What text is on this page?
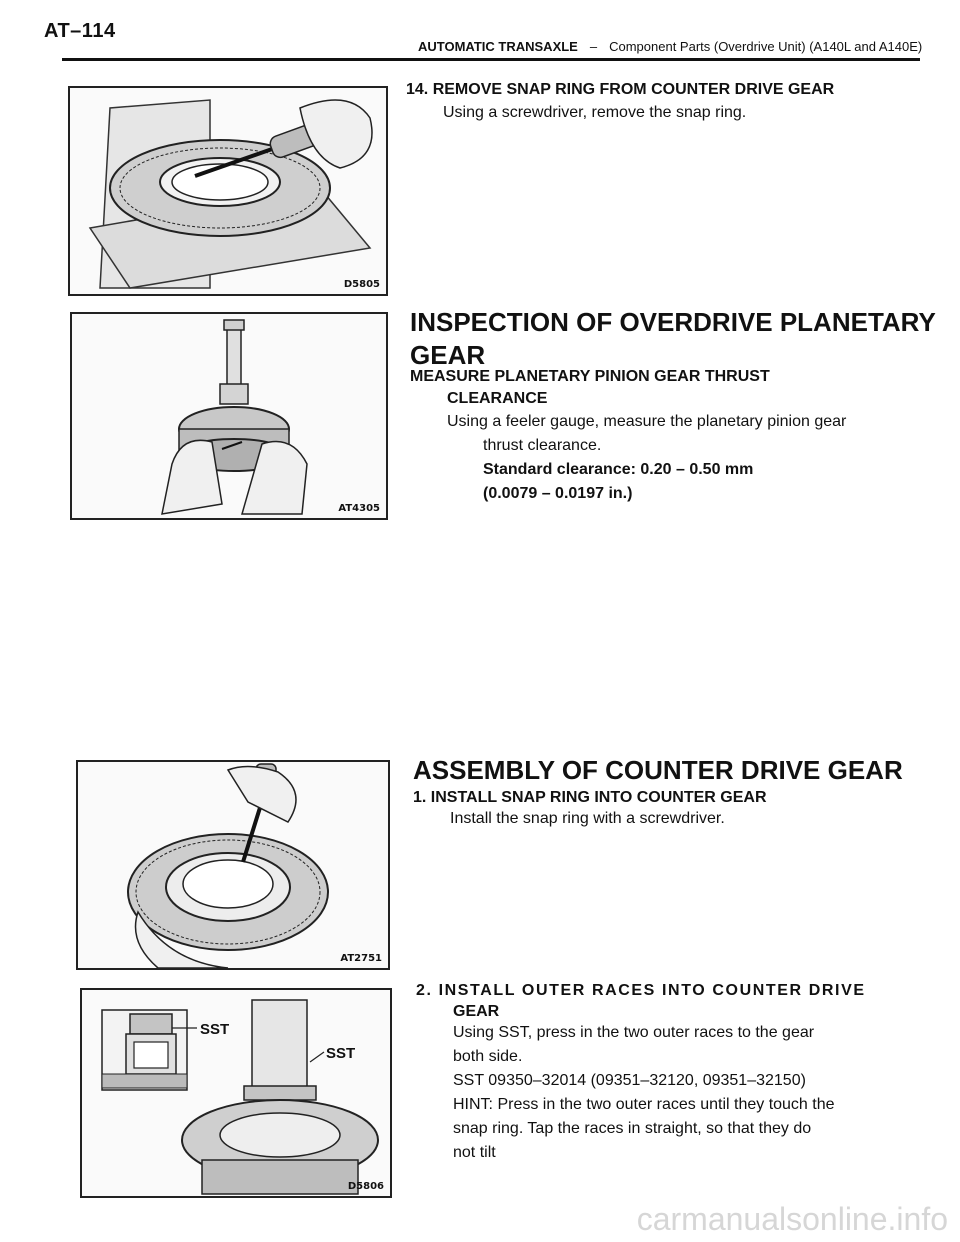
AT–114
AUTOMATIC TRANSAXLE – Component Parts (Overdrive Unit) (A140L and A140E)
D5805
14. REMOVE SNAP RING FROM COUNTER DRIVE GEAR
Using a screwdriver, remove the snap ring.
AT4305
INSPECTION OF OVERDRIVE PLANETARY
GEAR
MEASURE PLANETARY PINION GEAR THRUST
CLEARANCE
Using a feeler gauge, measure the planetary pinion gear
thrust clearance.
Standard clearance: 0.20 – 0.50 mm
(0.0079 – 0.0197 in.)
AT2751
ASSEMBLY OF COUNTER DRIVE GEAR
1. INSTALL SNAP RING INTO COUNTER GEAR
Install the snap ring with a screwdriver.
SST
SST
D5806
2. INSTALL OUTER RACES INTO COUNTER DRIVE
GEAR
Using SST, press in the two outer races to the gear
both side.
SST 09350–32014 (09351–32120, 09351–32150)
HINT: Press in the two outer races until they touch the
snap ring. Tap the races in straight, so that they do
not tilt
carmanualsonline.info
